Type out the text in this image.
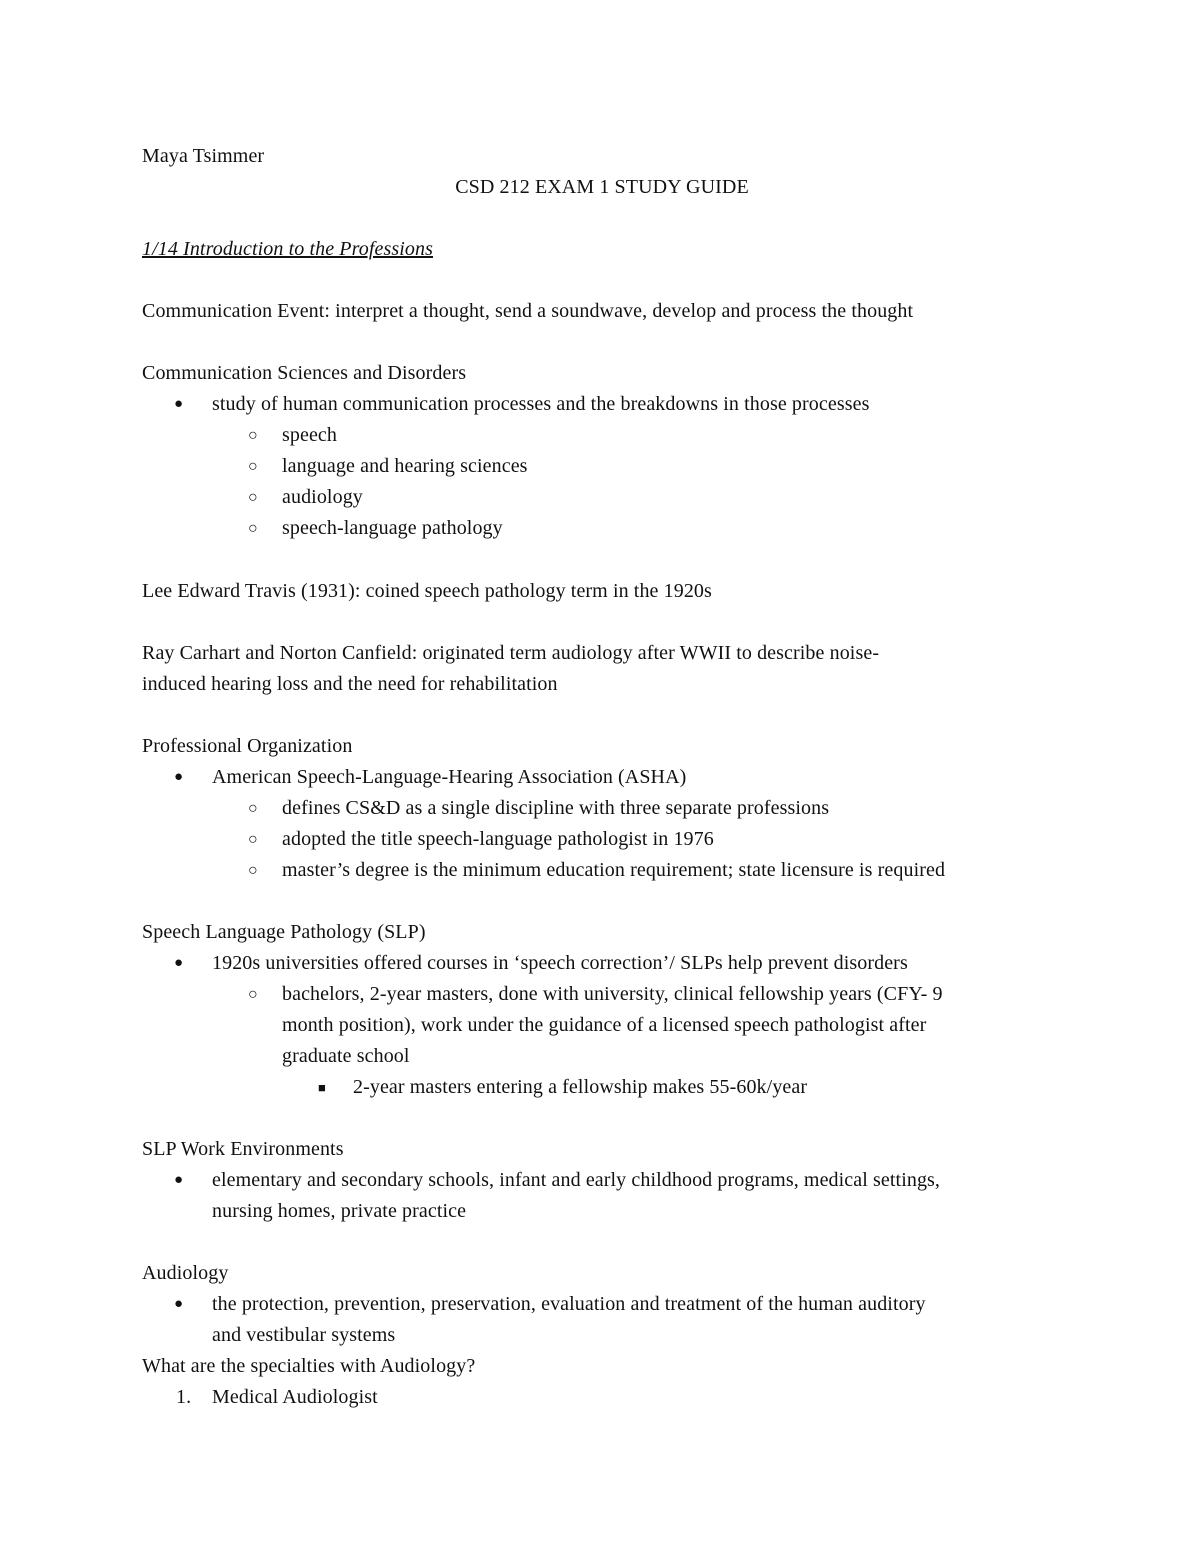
Maya Tsimmer
CSD 212 EXAM 1 STUDY GUIDE
1/14 Introduction to the Professions
Communication Event: interpret a thought, send a soundwave, develop and process the thought
Communication Sciences and Disorders
● study of human communication processes and the breakdowns in those processes
○ speech
○ language and hearing sciences
○ audiology
○ speech-language pathology
Lee Edward Travis (1931): coined speech pathology term in the 1920s
Ray Carhart and Norton Canfield: originated term audiology after WWII to describe noise-
induced hearing loss and the need for rehabilitation
Professional Organization
● American Speech-Language-Hearing Association (ASHA)
○ defines CS&D as a single discipline with three separate professions
○ adopted the title speech-language pathologist in 1976
○ master’s degree is the minimum education requirement; state licensure is required
Speech Language Pathology (SLP)
● 1920s universities offered courses in ‘speech correction’/ SLPs help prevent disorders
○ bachelors, 2-year masters, done with university, clinical fellowship years (CFY- 9
month position), work under the guidance of a licensed speech pathologist after
graduate school
■ 2-year masters entering a fellowship makes 55-60k/year
SLP Work Environments
● elementary and secondary schools, infant and early childhood programs, medical settings,
nursing homes, private practice
Audiology
● the protection, prevention, preservation, evaluation and treatment of the human auditory
and vestibular systems
What are the specialties with Audiology?
1. Medical Audiologist
